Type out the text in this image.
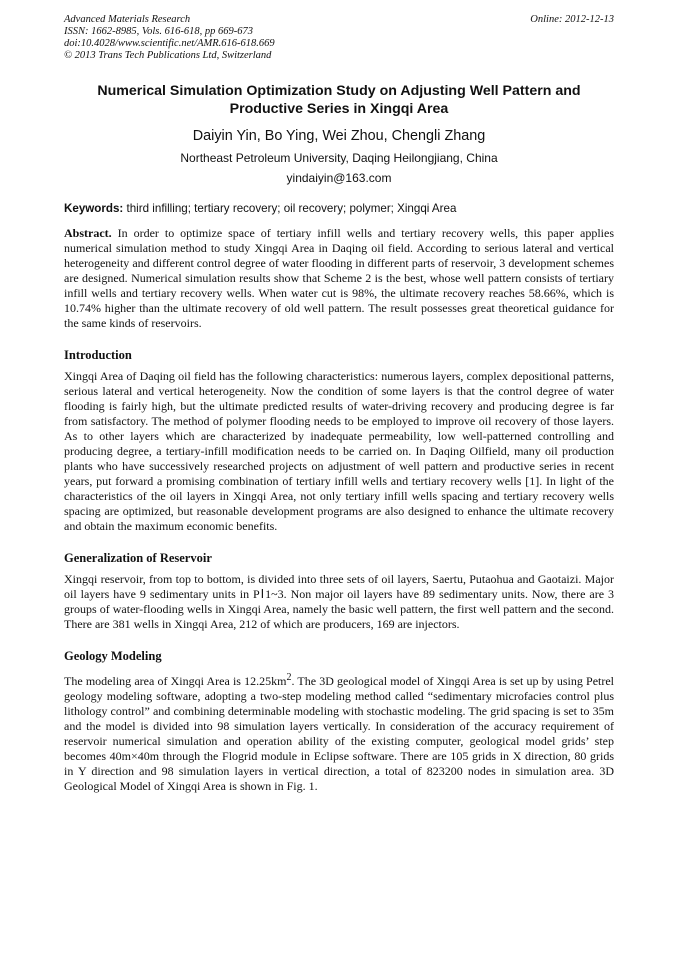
Advanced Materials Research
ISSN: 1662-8985, Vols. 616-618, pp 669-673
doi:10.4028/www.scientific.net/AMR.616-618.669
© 2013 Trans Tech Publications Ltd, Switzerland
Online: 2012-12-13
Numerical Simulation Optimization Study on Adjusting Well Pattern and Productive Series in Xingqi Area
Daiyin Yin, Bo Ying, Wei Zhou, Chengli Zhang
Northeast Petroleum University, Daqing Heilongjiang, China
yindaiyin@163.com
Keywords: third infilling; tertiary recovery; oil recovery; polymer; Xingqi Area
Abstract. In order to optimize space of tertiary infill wells and tertiary recovery wells, this paper applies numerical simulation method to study Xingqi Area in Daqing oil field. According to serious lateral and vertical heterogeneity and different control degree of water flooding in different parts of reservoir, 3 development schemes are designed. Numerical simulation results show that Scheme 2 is the best, whose well pattern consists of tertiary infill wells and tertiary recovery wells. When water cut is 98%, the ultimate recovery reaches 58.66%, which is 10.74% higher than the ultimate recovery of old well pattern. The result possesses great theoretical guidance for the same kinds of reservoirs.
Introduction
Xingqi Area of Daqing oil field has the following characteristics: numerous layers, complex depositional patterns, serious lateral and vertical heterogeneity. Now the condition of some layers is that the control degree of water flooding is fairly high, but the ultimate predicted results of water-driving recovery and producing degree is far from satisfactory. The method of polymer flooding needs to be employed to improve oil recovery of those layers. As to other layers which are characterized by inadequate permeability, low well-patterned controlling and producing degree, a tertiary-infill modification needs to be carried on. In Daqing Oilfield, many oil production plants who have successively researched projects on adjustment of well pattern and productive series in recent years, put forward a promising combination of tertiary infill wells and tertiary recovery wells [1]. In light of the characteristics of the oil layers in Xingqi Area, not only tertiary infill wells spacing and tertiary recovery wells spacing are optimized, but reasonable development programs are also designed to enhance the ultimate recovery and obtain the maximum economic benefits.
Generalization of Reservoir
Xingqi reservoir, from top to bottom, is divided into three sets of oil layers, Saertu, Putaohua and Gaotaizi. Major oil layers have 9 sedimentary units in PⅠ1~3. Non major oil layers have 89 sedimentary units. Now, there are 3 groups of water-flooding wells in Xingqi Area, namely the basic well pattern, the first well pattern and the second. There are 381 wells in Xingqi Area, 212 of which are producers, 169 are injectors.
Geology Modeling
The modeling area of Xingqi Area is $12.25km^2$. The 3D geological model of Xingqi Area is set up by using Petrel geology modeling software, adopting a two-step modeling method called “sedimentary microfacies control plus lithology control” and combining determinable modeling with stochastic modeling. The grid spacing is set to 35m and the model is divided into 98 simulation layers vertically. In consideration of the accuracy requirement of reservoir numerical simulation and operation ability of the existing computer, geological model grids’ step becomes 40m×40m through the Flogrid module in Eclipse software. There are 105 grids in X direction, 80 grids in Y direction and 98 simulation layers in vertical direction, a total of 823200 nodes in simulation area. 3D Geological Model of Xingqi Area is shown in Fig. 1.
